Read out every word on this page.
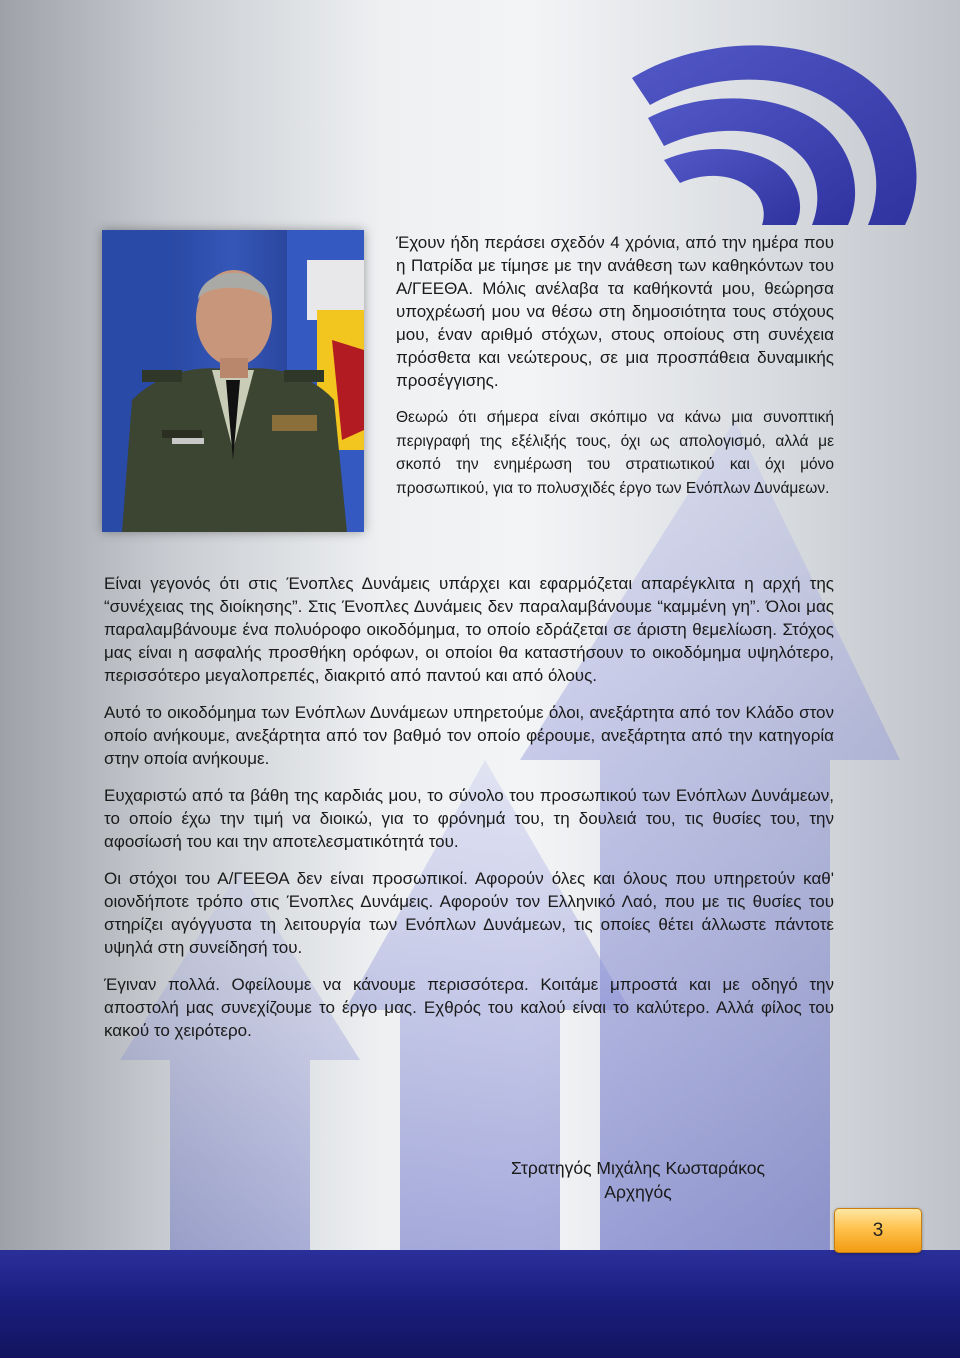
Έχουν ήδη περάσει σχεδόν 4 χρόνια, από την ημέρα που η Πατρίδα με τίμησε με την ανάθεση των καθηκόντων του Α/ΓΕΕΘΑ. Μόλις ανέλαβα τα καθήκοντά μου, θεώρησα υποχρέωσή μου να θέσω στη δημοσιότητα τους στόχους μου, έναν αριθμό στόχων, στους οποίους στη συνέχεια πρόσθετα και νεώτερους, σε μια προσπάθεια δυναμικής προσέγγισης.

Θεωρώ ότι σήμερα είναι σκόπιμο να κάνω μια συνοπτική περιγραφή της εξέλιξής τους, όχι ως απολογισμό, αλλά με σκοπό την ενημέρωση του στρατιωτικού και όχι μόνο προσωπικού, για το πολυσχιδές έργο των Ενόπλων Δυνάμεων.

Είναι γεγονός ότι στις Ένοπλες Δυνάμεις υπάρχει και εφαρμόζεται απαρέγκλιτα η αρχή της “συνέχειας της διοίκησης”. Στις Ένοπλες Δυνάμεις δεν παραλαμβάνουμε “καμμένη γη”. Όλοι μας παραλαμβάνουμε ένα πολυόροφο οικοδόμημα, το οποίο εδράζεται σε άριστη θεμελίωση. Στόχος μας είναι η ασφαλής προσθήκη ορόφων, οι οποίοι θα καταστήσουν το οικοδόμημα υψηλότερο, περισσότερο μεγαλοπρεπές, διακριτό από παντού και από όλους.

Αυτό το οικοδόμημα των Ενόπλων Δυνάμεων υπηρετούμε όλοι, ανεξάρτητα από τον Κλάδο στον οποίο ανήκουμε, ανεξάρτητα από τον βαθμό τον οποίο φέρουμε, ανεξάρτητα από την κατηγορία στην οποία ανήκουμε.

Ευχαριστώ από τα βάθη της καρδιάς μου, το σύνολο του προσωπικού των Ενόπλων Δυνάμεων, το οποίο έχω την τιμή να διοικώ, για το φρόνημά του, τη δουλειά του, τις θυσίες του, την αφοσίωσή του και την αποτελεσματικότητά του.

Οι στόχοι του Α/ΓΕΕΘΑ δεν είναι προσωπικοί. Αφορούν όλες και όλους που υπηρετούν καθ' οιονδήποτε τρόπο στις Ένοπλες Δυνάμεις. Αφορούν τον Ελληνικό Λαό, που με τις θυσίες του στηρίζει αγόγγυστα τη λειτουργία των Ενόπλων Δυνάμεων, τις οποίες θέτει άλλωστε πάντοτε υψηλά στη συνείδησή του.

Έγιναν πολλά. Οφείλουμε να κάνουμε περισσότερα. Κοιτάμε μπροστά και με οδηγό την αποστολή μας συνεχίζουμε το έργο μας. Εχθρός του καλού είναι το καλύτερο. Αλλά φίλος του κακού το χειρότερο.

Στρατηγός Μιχάλης Κωσταράκος
Αρχηγός
3
